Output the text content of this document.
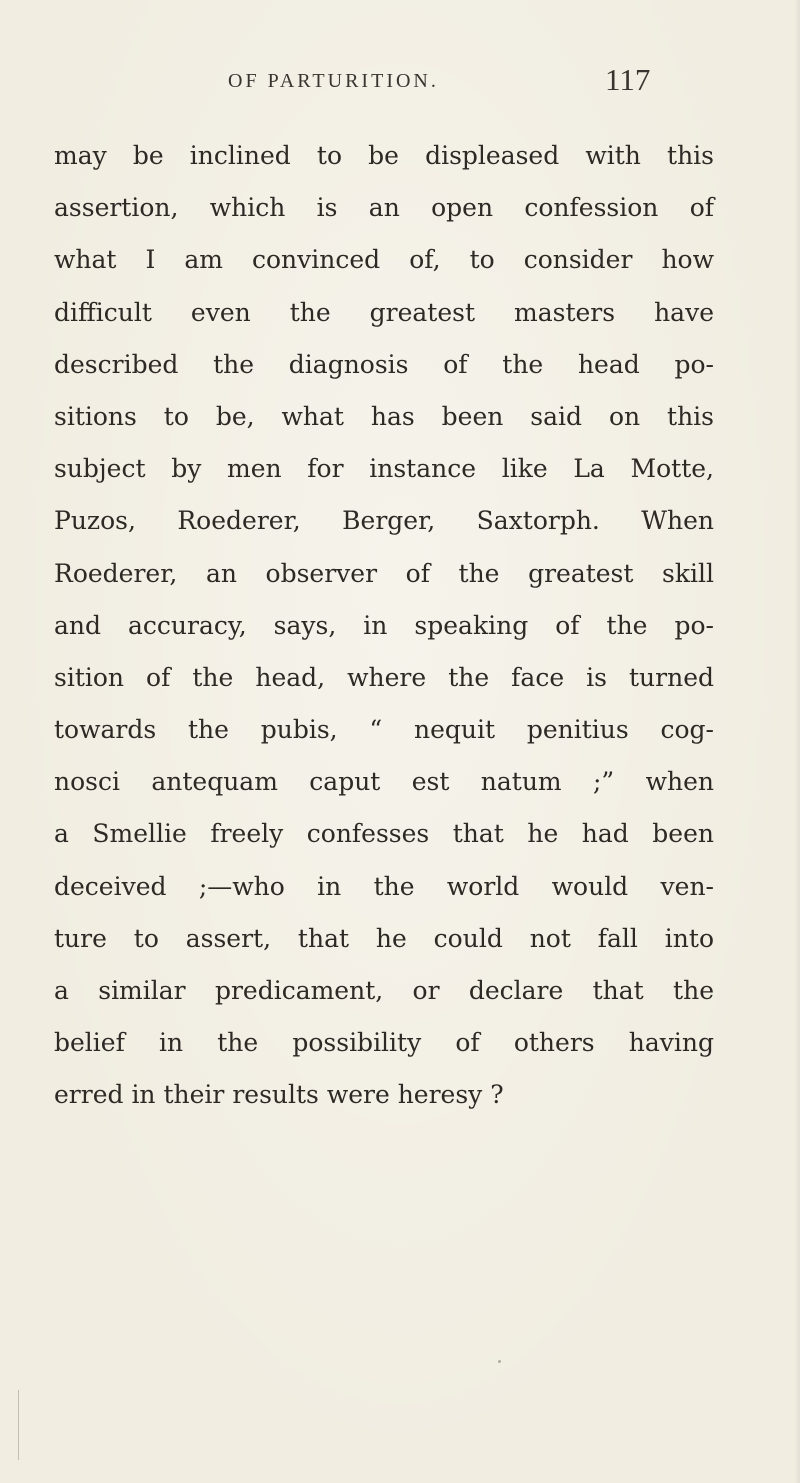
OF PARTURITION.	117
may be inclined to be displeased with this
assertion, which is an open confession of
what I am convinced of, to consider how
difficult even the greatest masters have
described the diagnosis of the head po-
sitions to be, what has been said on this
subject by men for instance like La Motte,
Puzos, Roederer, Berger, Saxtorph. When
Roederer, an observer of the greatest skill
and accuracy, says, in speaking of the po-
sition of the head, where the face is turned
towards the pubis, “ nequit penitius cog-
nosci antequam caput est natum ;” when
a Smellie freely confesses that he had been
deceived ;—who in the world would ven-
ture to assert, that he could not fall into
a similar predicament, or declare that the
belief in the possibility of others having
erred in their results were heresy ?
